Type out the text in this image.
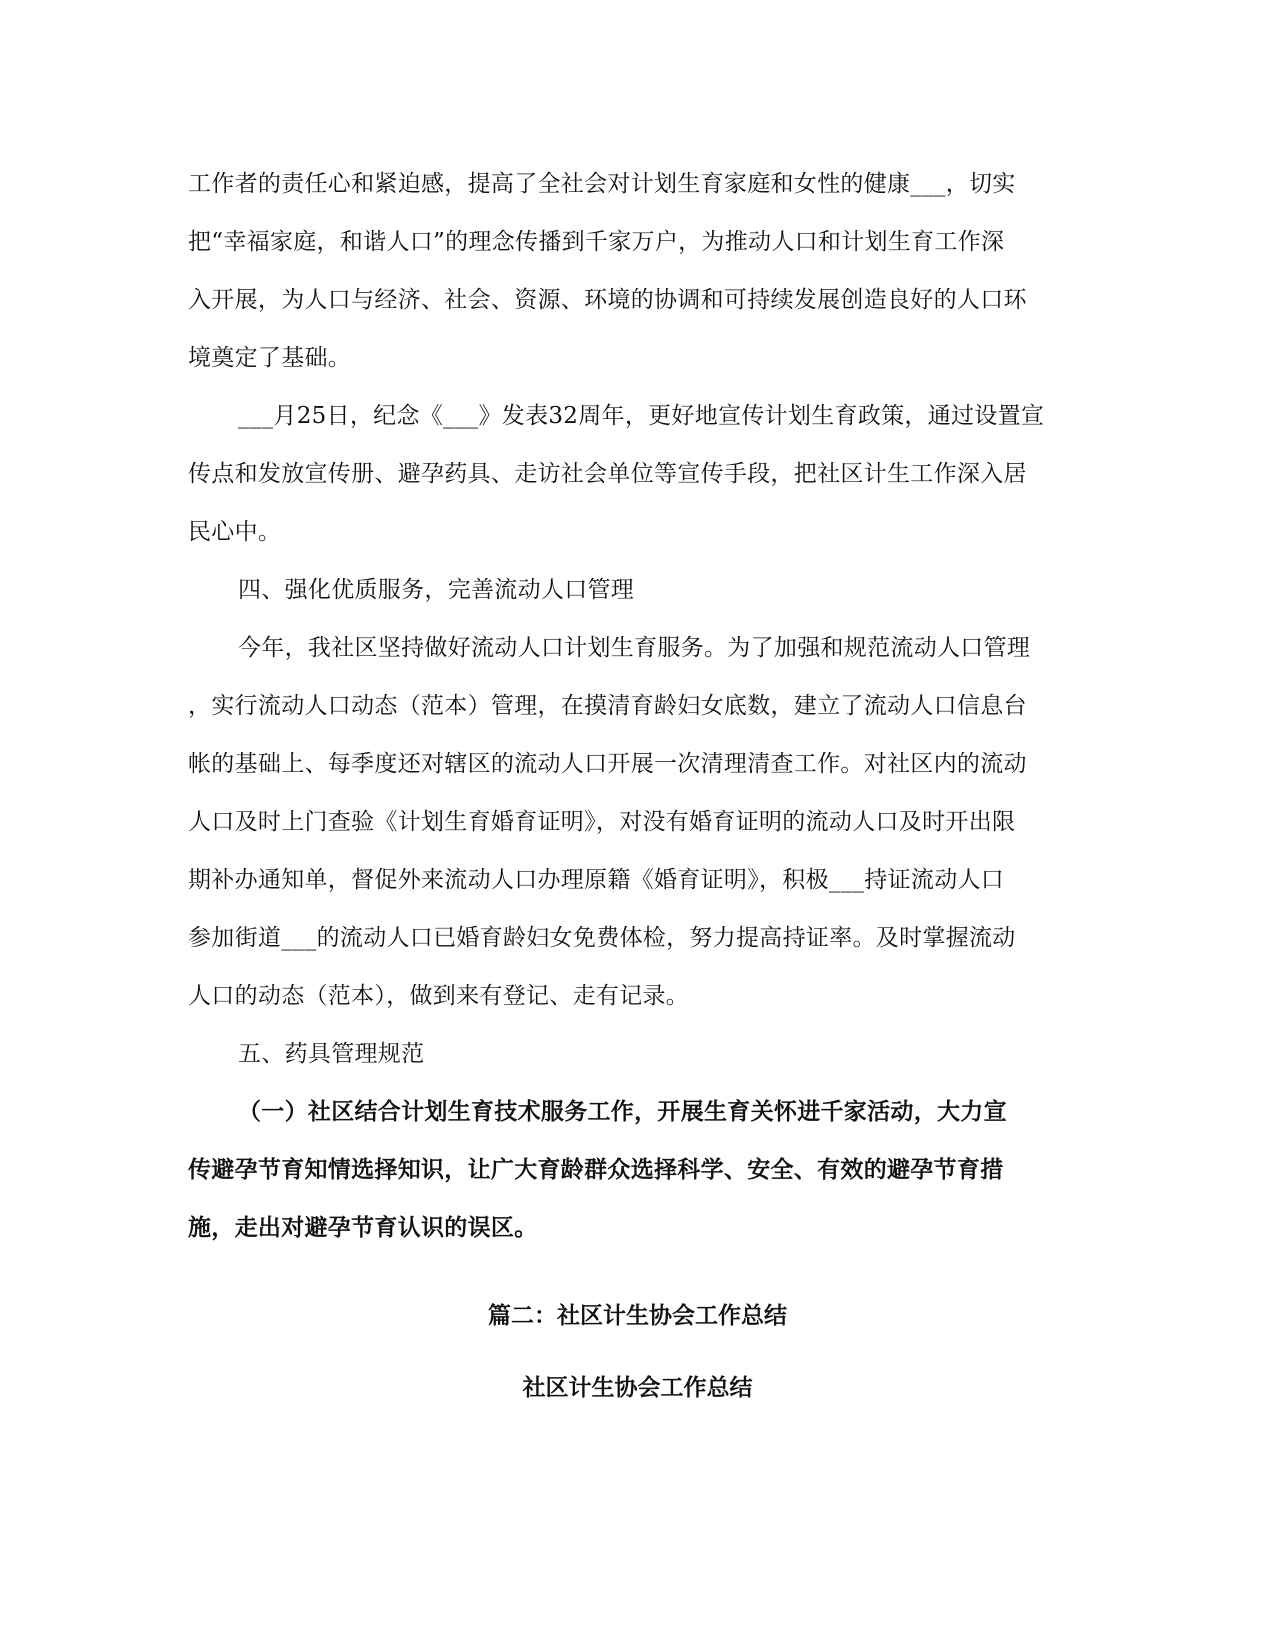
工作者的责任心和紧迫感，提高了全社会对计划生育家庭和女性的健康___，切实
把“幸福家庭，和谐人口”的理念传播到千家万户，为推动人口和计划生育工作深
入开展，为人口与经济、社会、资源、环境的协调和可持续发展创造良好的人口环
境奠定了基础。
___月25日，纪念《___》发表32周年，更好地宣传计划生育政策，通过设置宣
传点和发放宣传册、避孕药具、走访社会单位等宣传手段，把社区计生工作深入居
民心中。
四、强化优质服务，完善流动人口管理
今年，我社区坚持做好流动人口计划生育服务。为了加强和规范流动人口管理
，实行流动人口动态（范本）管理，在摸清育龄妇女底数，建立了流动人口信息台
帐的基础上、每季度还对辖区的流动人口开展一次清理清查工作。对社区内的流动
人口及时上门查验《计划生育婚育证明》，对没有婚育证明的流动人口及时开出限
期补办通知单，督促外来流动人口办理原籍《婚育证明》，积极___持证流动人口
参加街道___的流动人口已婚育龄妇女免费体检，努力提高持证率。及时掌握流动
人口的动态（范本），做到来有登记、走有记录。
五、药具管理规范
（一）社区结合计划生育技术服务工作，开展生育关怀进千家活动，大力宣
传避孕节育知情选择知识，让广大育龄群众选择科学、安全、有效的避孕节育措
施，走出对避孕节育认识的误区。
篇二：社区计生协会工作总结
社区计生协会工作总结
